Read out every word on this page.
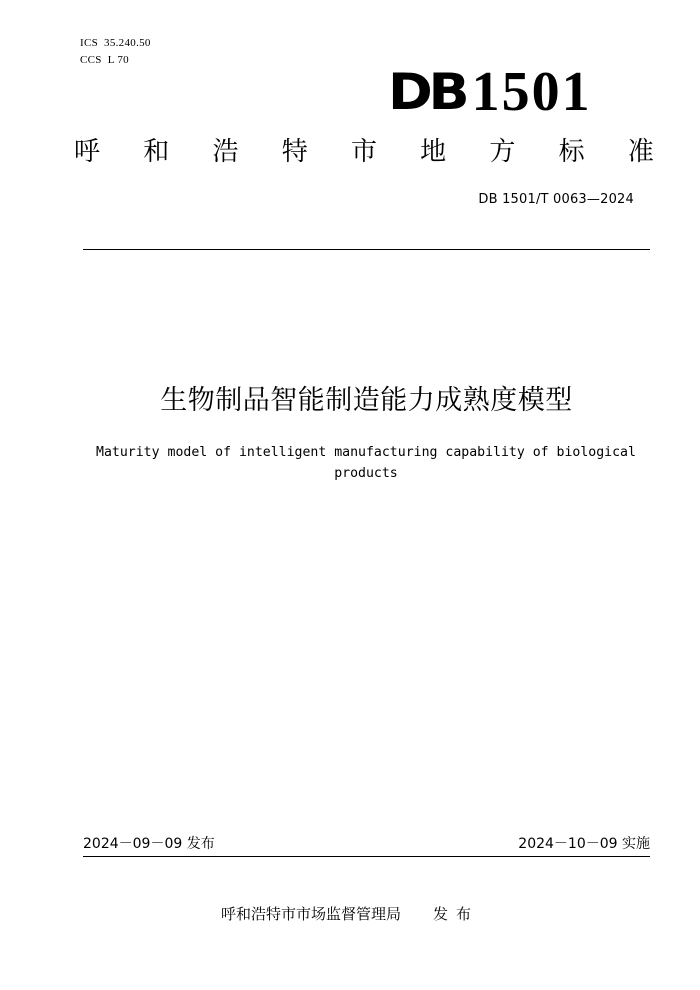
ICS 35.240.50
CCS L 70
DB 1501
呼 和 浩 特 市 地 方 标 准
DB 1501/T 0063—2024
生物制品智能制造能力成熟度模型
Maturity model of intelligent manufacturing capability of biological products
2024－09－09 发布	2024－10－09 实施
呼和浩特市市场监督管理局 发布
